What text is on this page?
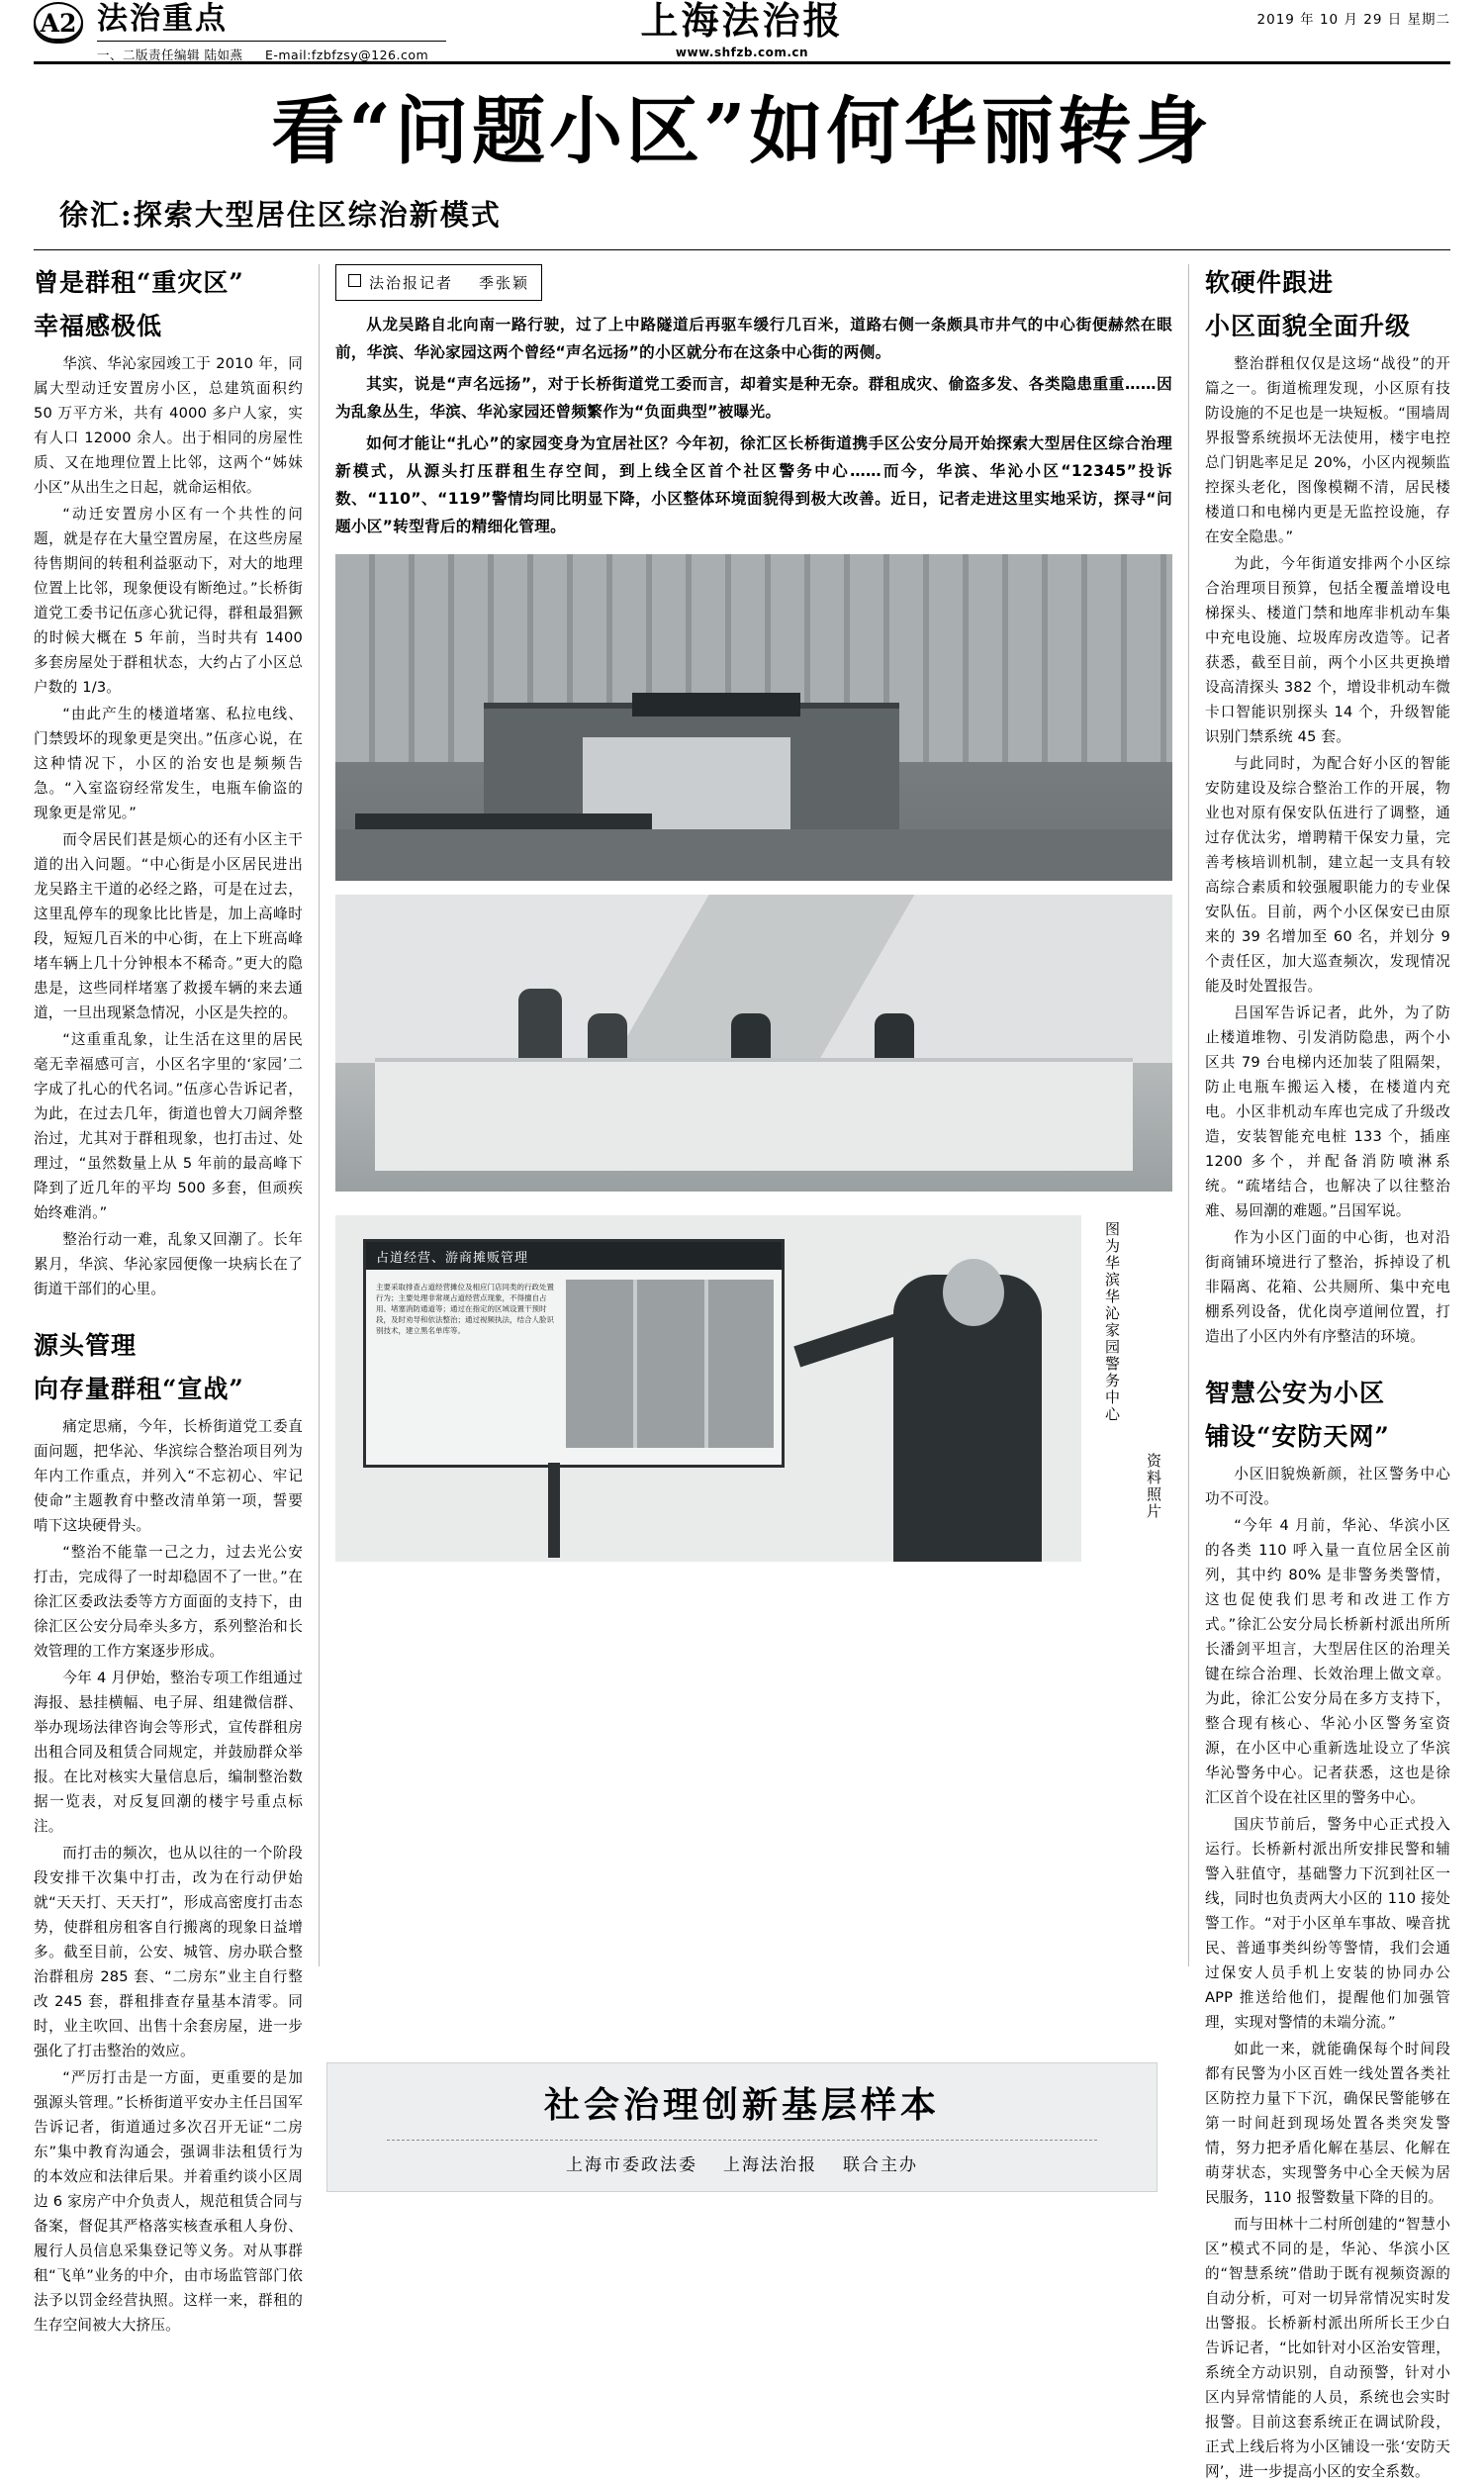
A2 法治重点
一、二版责任编辑 陆如燕 E-mail:fzbfzsy@126.com
上海法治报
www.shfzb.com.cn
2019 年 10 月 29 日 星期二
看“问题小区”如何华丽转身
徐汇:探索大型居住区综治新模式
曾是群租“重灾区”
幸福感极低

华滨、华沁家园竣工于 2010 年，同属大型动迁安置房小区，总建筑面积约 50 万平方米，共有 4000 多户人家，实有人口 12000 余人。出于相同的房屋性质、又在地理位置上比邻，这两个“姊妹小区”从出生之日起，就命运相依。

“动迁安置房小区有一个共性的问题，就是存在大量空置房屋，在这些房屋待售期间的转租利益驱动下，对大的地理位置上比邻，现象便设有断绝过。”长桥街道党工委书记伍彦心犹记得，群租最猖獗的时候大概在 5 年前，当时共有 1400 多套房屋处于群租状态，大约占了小区总户数的 1/3。

“由此产生的楼道堵塞、私拉电线、门禁毁坏的现象更是突出。”伍彦心说，在这种情况下，小区的治安也是频频告急。“入室盗窃经常发生，电瓶车偷盗的现象更是常见。”

而令居民们甚是烦心的还有小区主干道的出入问题。“中心街是小区居民进出龙吴路主干道的必经之路，可是在过去，这里乱停车的现象比比皆是，加上高峰时段，短短几百米的中心街，在上下班高峰堵车辆上几十分钟根本不稀奇。”更大的隐患是，这些同样堵塞了救援车辆的来去通道，一旦出现紧急情况，小区是失控的。

“这重重乱象，让生活在这里的居民毫无幸福感可言，小区名字里的‘家园’二字成了扎心的代名词。”伍彦心告诉记者，为此，在过去几年，街道也曾大刀阔斧整治过，尤其对于群租现象，也打击过、处理过，“虽然数量上从 5 年前的最高峰下降到了近几年的平均 500 多套，但顽疾始终难消。”

整治行动一难，乱象又回潮了。长年累月，华滨、华沁家园便像一块病长在了街道干部们的心里。

源头管理
向存量群租“宣战”

痛定思痛，今年，长桥街道党工委直面问题，把华沁、华滨综合整治项目列为年内工作重点，并列入“不忘初心、牢记使命”主题教育中整改清单第一项，誓要啃下这块硬骨头。

“整治不能靠一己之力，过去光公安打击，完成得了一时却稳固不了一世。”在徐汇区委政法委等方方面面的支持下，由徐汇区公安分局牵头多方，系列整治和长效管理的工作方案逐步形成。

今年 4 月伊始，整治专项工作组通过海报、悬挂横幅、电子屏、组建微信群、举办现场法律咨询会等形式，宣传群租房出租合同及租赁合同规定，并鼓励群众举报。在比对核实大量信息后，编制整治数据一览表，对反复回潮的楼宇号重点标注。

而打击的频次，也从以往的一个阶段段安排干次集中打击，改为在行动伊始就“天天打、天天打”，形成高密度打击态势，使群租房租客自行搬离的现象日益增多。截至目前，公安、城管、房办联合整治群租房 285 套、“二房东”业主自行整改 245 套，群租排查存量基本清零。同时，业主吹回、出售十余套房屋，进一步强化了打击整治的效应。

“严厉打击是一方面，更重要的是加强源头管理。”长桥街道平安办主任吕国军告诉记者，街道通过多次召开无证“二房东”集中教育沟通会，强调非法租赁行为的本效应和法律后果。并着重约谈小区周边 6 家房产中介负责人，规范租赁合同与备案，督促其严格落实核查承租人身份、履行人员信息采集登记等义务。对从事群租“飞单”业务的中介，由市场监管部门依法予以罚金经营执照。这样一来，群租的生存空间被大大挤压。

法治报记者 季张颖

从龙吴路自北向南一路行驶，过了上中路隧道后再驱车缓行几百米，道路右侧一条颇具市井气的中心街便赫然在眼前，华滨、华沁家园这两个曾经“声名远扬”的小区就分布在这条中心街的两侧。

其实，说是“声名远扬”，对于长桥街道党工委而言，却着实是种无奈。群租成灾、偷盗多发、各类隐患重重……因为乱象丛生，华滨、华沁家园还曾频繁作为“负面典型”被曝光。

如何才能让“扎心”的家园变身为宜居社区？今年初，徐汇区长桥街道携手区公安分局开始探索大型居住区综合治理新模式，从源头打压群租生存空间，到上线全区首个社区警务中心……而今，华滨、华沁小区“12345”投诉数、“110”、“119”警情均同比明显下降，小区整体环境面貌得到极大改善。近日，记者走进这里实地采访，探寻“问题小区”转型背后的精细化管理。

占道经营、游商摊贩管理
主要采取排查占道经营摊位及相应门店同类的行政处置行为；主要处理非常规占道经营点现象，不得擅自占用、堵塞消防通道等；通过在指定的区域设置干预时段，及时劝导和依法整治；通过视频执法，结合人脸识别技术，建立黑名单库等。	图为华滨华沁家园警务中心
资料照片
软硬件跟进
小区面貌全面升级

整治群租仅仅是这场“战役”的开篇之一。街道梳理发现，小区原有技防设施的不足也是一块短板。“围墙周界报警系统损坏无法使用，楼宇电控总门钥匙率足足 20%，小区内视频监控探头老化，图像模糊不清，居民楼楼道口和电梯内更是无监控设施，存在安全隐患。”

为此，今年街道安排两个小区综合治理项目预算，包括全覆盖增设电梯探头、楼道门禁和地库非机动车集中充电设施、垃圾库房改造等。记者获悉，截至目前，两个小区共更换增设高清探头 382 个，增设非机动车微卡口智能识别探头 14 个，升级智能识别门禁系统 45 套。

与此同时，为配合好小区的智能安防建设及综合整治工作的开展，物业也对原有保安队伍进行了调整，通过存优汰劣，增聘精干保安力量，完善考核培训机制，建立起一支具有较高综合素质和较强履职能力的专业保安队伍。目前，两个小区保安已由原来的 39 名增加至 60 名，并划分 9 个责任区，加大巡查频次，发现情况能及时处置报告。

吕国军告诉记者，此外，为了防止楼道堆物、引发消防隐患，两个小区共 79 台电梯内还加装了阻隔架，防止电瓶车搬运入楼，在楼道内充电。小区非机动车库也完成了升级改造，安装智能充电桩 133 个，插座 1200 多个，并配备消防喷淋系统。“疏堵结合，也解决了以往整治难、易回潮的难题。”吕国军说。

作为小区门面的中心街，也对沿街商铺环境进行了整治，拆掉设了机非隔离、花箱、公共厕所、集中充电棚系列设备，优化岗亭道闸位置，打造出了小区内外有序整洁的环境。

智慧公安为小区
铺设“安防天网”

小区旧貌焕新颜，社区警务中心功不可没。

“今年 4 月前，华沁、华滨小区的各类 110 呼入量一直位居全区前列，其中约 80% 是非警务类警情，这也促使我们思考和改进工作方式。”徐汇公安分局长桥新村派出所所长潘剑平坦言，大型居住区的治理关键在综合治理、长效治理上做文章。为此，徐汇公安分局在多方支持下，整合现有核心、华沁小区警务室资源，在小区中心重新选址设立了华滨华沁警务中心。记者获悉，这也是徐汇区首个设在社区里的警务中心。

国庆节前后，警务中心正式投入运行。长桥新村派出所安排民警和辅警入驻值守，基础警力下沉到社区一线，同时也负责两大小区的 110 接处警工作。“对于小区单车事故、噪音扰民、普通事类纠纷等警情，我们会通过保安人员手机上安装的协同办公 APP 推送给他们，提醒他们加强管理，实现对警情的未端分流。”

如此一来，就能确保每个时间段都有民警为小区百姓一线处置各类社区防控力量下下沉，确保民警能够在第一时间赶到现场处置各类突发警情，努力把矛盾化解在基层、化解在萌芽状态，实现警务中心全天候为居民服务，110 报警数量下降的目的。

而与田林十二村所创建的“智慧小区”模式不同的是，华沁、华滨小区的“智慧系统”借助于既有视频资源的自动分析，可对一切异常情况实时发出警报。长桥新村派出所所长王少白告诉记者，“比如针对小区治安管理，系统全方动识别，自动预警，针对小区内异常情能的人员，系统也会实时报警。目前这套系统正在调试阶段，正式上线后将为小区铺设一张‘安防天网’，进一步提高小区的安全系数。

社会治理创新基层样本
上海市委政法委 上海法治报 联合主办
